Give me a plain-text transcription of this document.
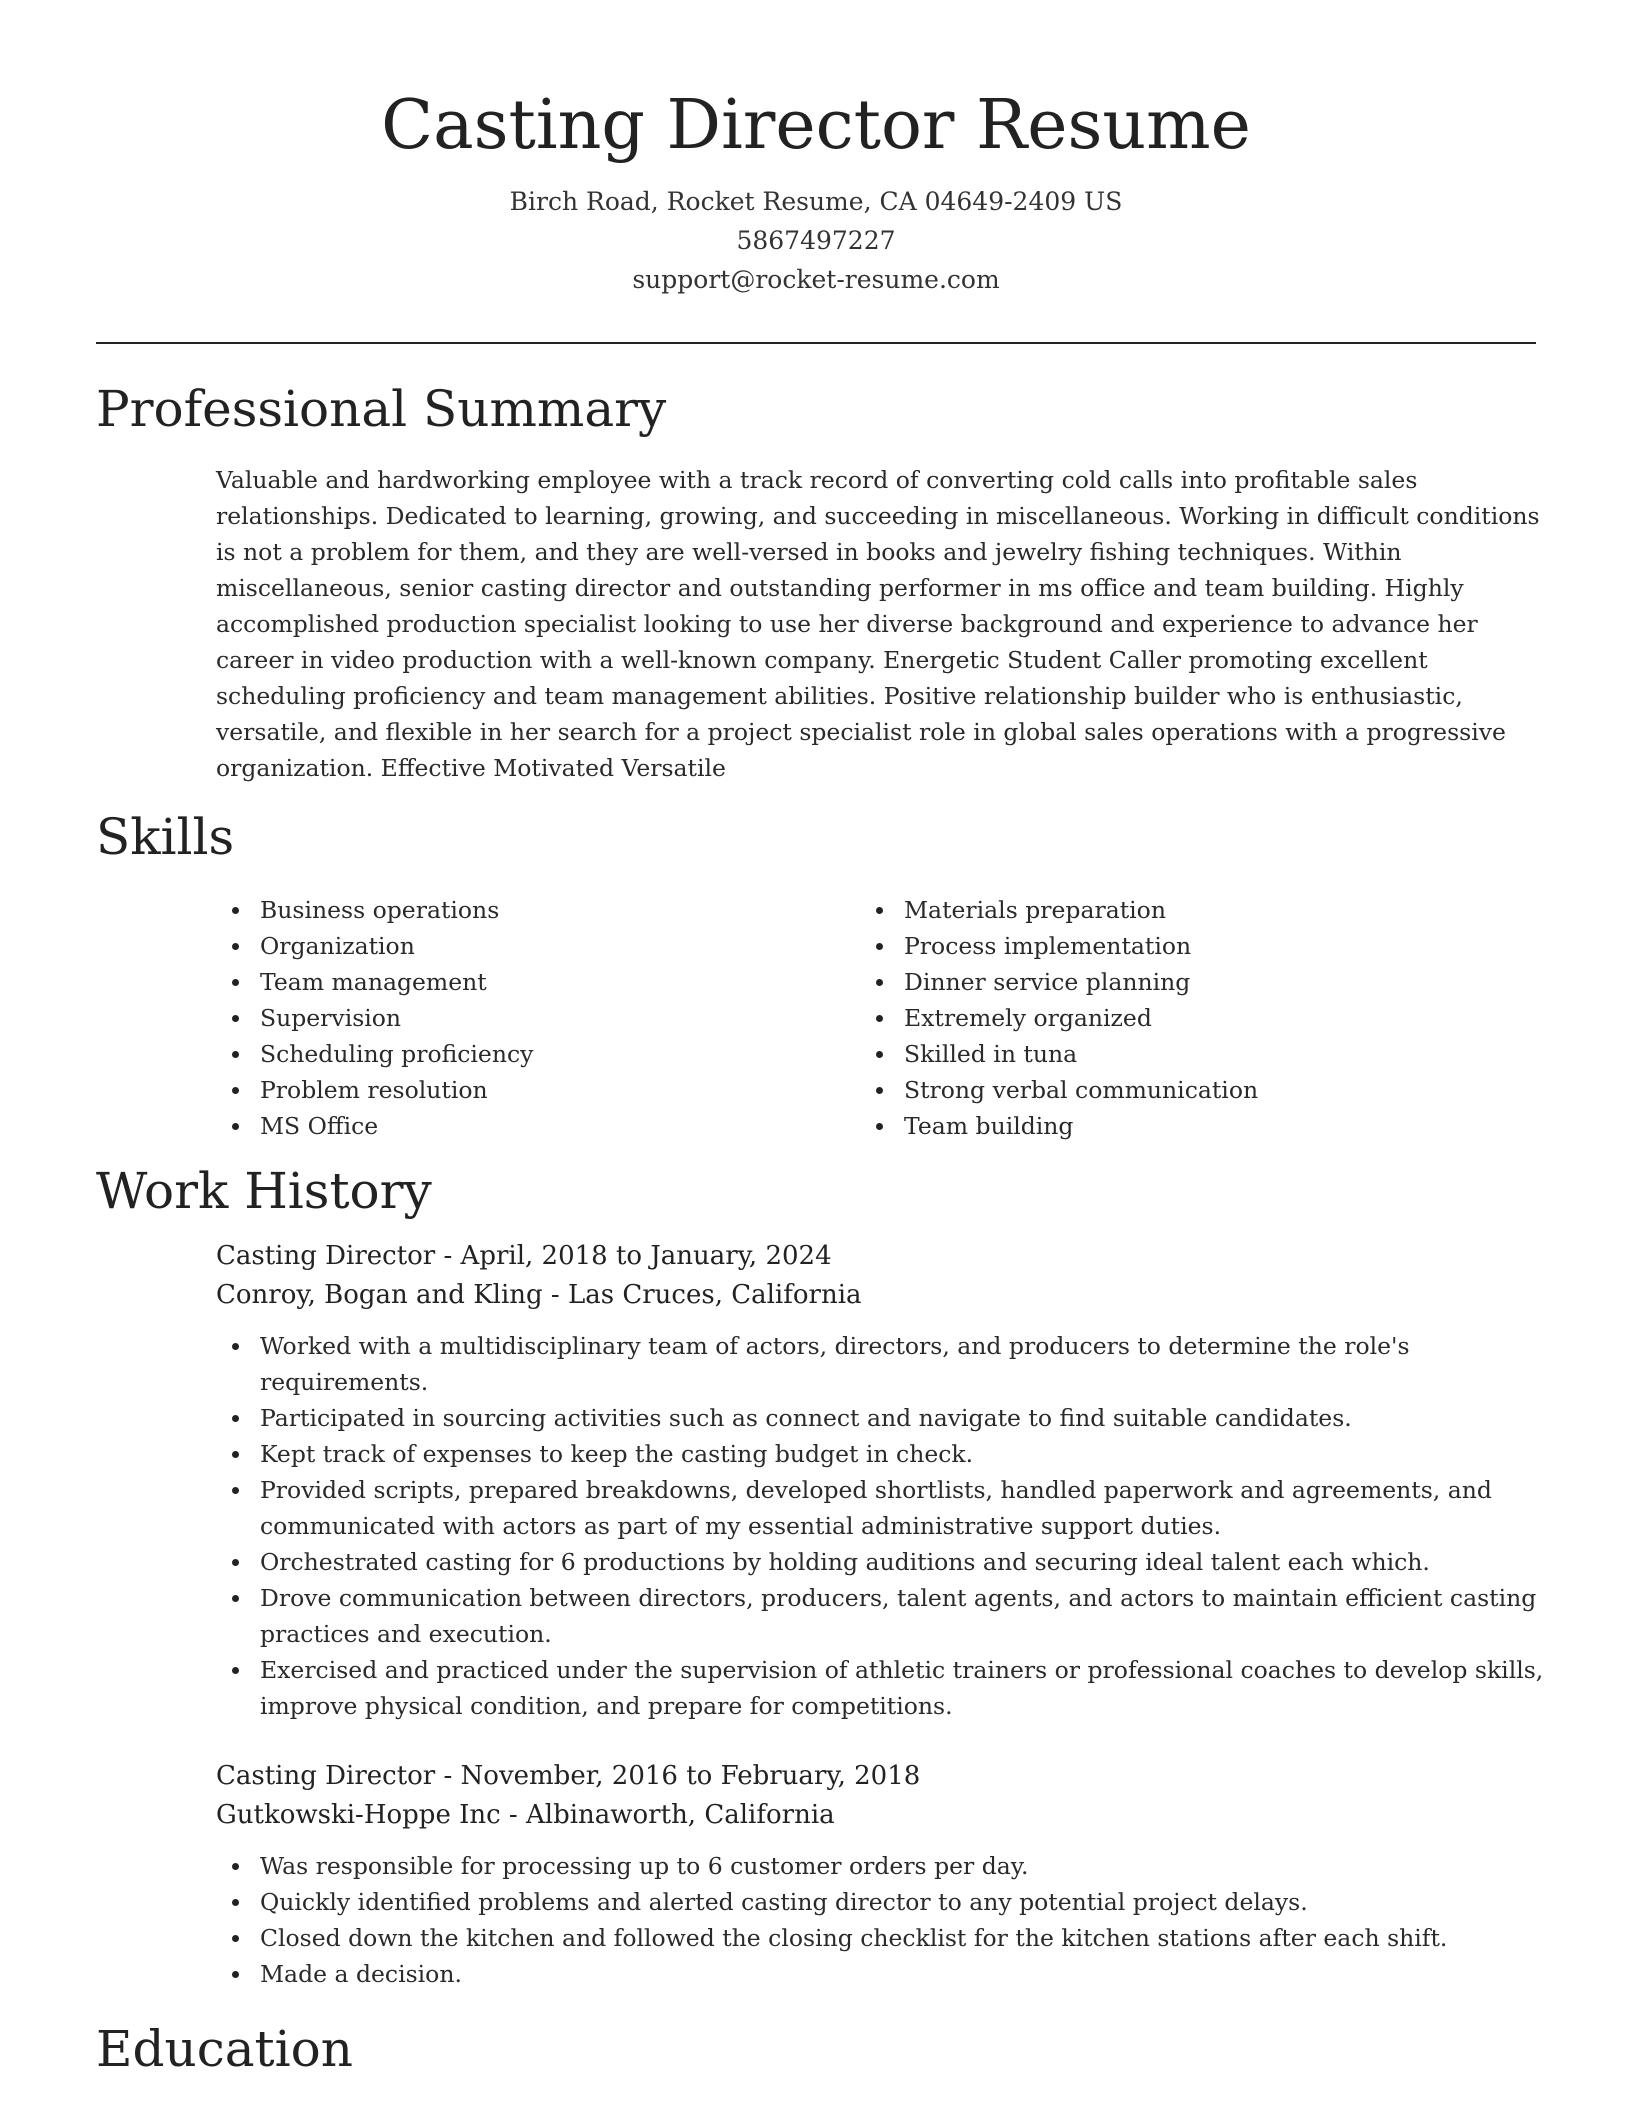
Casting Director Resume
Birch Road, Rocket Resume, CA 04649-2409 US
5867497227
support@rocket-resume.com
Professional Summary

Valuable and hardworking employee with a track record of converting cold calls into profitable sales relationships. Dedicated to learning, growing, and succeeding in miscellaneous. Working in difficult conditions is not a problem for them, and they are well-versed in books and jewelry fishing techniques. Within miscellaneous, senior casting director and outstanding performer in ms office and team building. Highly accomplished production specialist looking to use her diverse background and experience to advance her career in video production with a well-known company. Energetic Student Caller promoting excellent scheduling proficiency and team management abilities. Positive relationship builder who is enthusiastic, versatile, and flexible in her search for a project specialist role in global sales operations with a progressive organization. Effective Motivated Versatile

Skills
Business operations
Organization
Team management
Supervision
Scheduling proficiency
Problem resolution
MS Office
Materials preparation
Process implementation
Dinner service planning
Extremely organized
Skilled in tuna
Strong verbal communication
Team building
Work History

Casting Director - April, 2018 to January, 2024

Conroy, Bogan and Kling - Las Cruces, California

Worked with a multidisciplinary team of actors, directors, and producers to determine the role's requirements.
Participated in sourcing activities such as connect and navigate to find suitable candidates.
Kept track of expenses to keep the casting budget in check.
Provided scripts, prepared breakdowns, developed shortlists, handled paperwork and agreements, and communicated with actors as part of my essential administrative support duties.
Orchestrated casting for 6 productions by holding auditions and securing ideal talent each which.
Drove communication between directors, producers, talent agents, and actors to maintain efficient casting practices and execution.
Exercised and practiced under the supervision of athletic trainers or professional coaches to develop skills, improve physical condition, and prepare for competitions.

Casting Director - November, 2016 to February, 2018

Gutkowski-Hoppe Inc - Albinaworth, California

Was responsible for processing up to 6 customer orders per day.
Quickly identified problems and alerted casting director to any potential project delays.
Closed down the kitchen and followed the closing checklist for the kitchen stations after each shift.
Made a decision.
Education
